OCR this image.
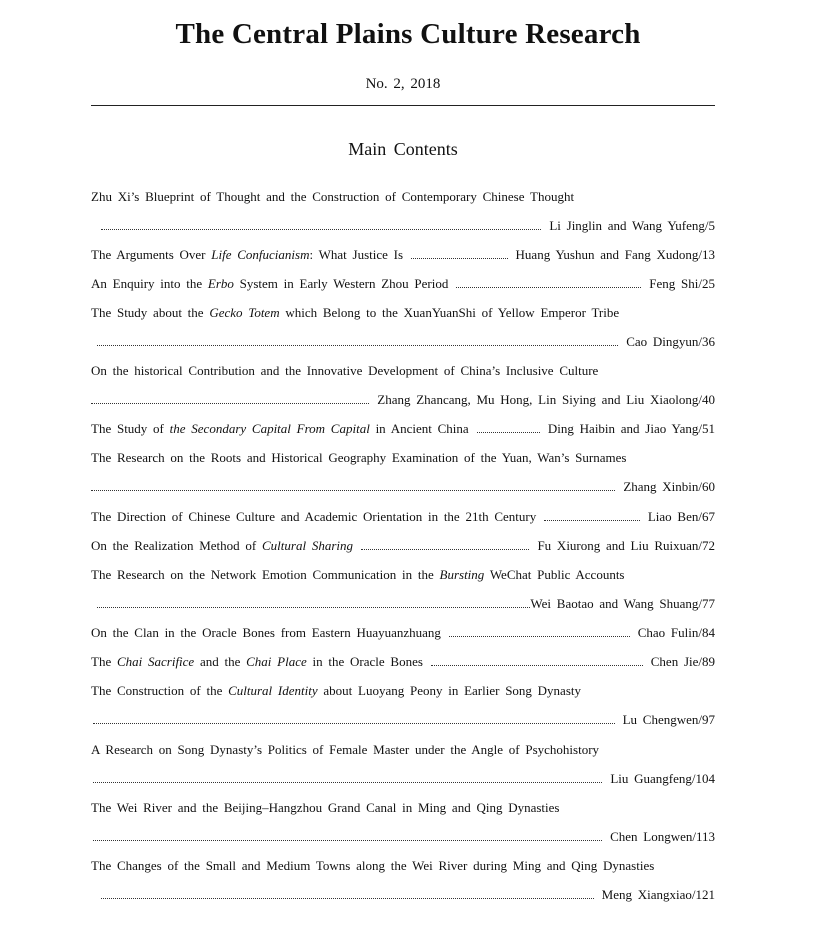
The Central Plains Culture Research
No. 2, 2018
Main Contents
Zhu Xi’s Blueprint of Thought and the Construction of Contemporary Chinese Thought
Li Jinglin and Wang Yufeng/5
The Arguments Over Life Confucianism: What Justice Is	Huang Yushun and Fang Xudong/13
An Enquiry into the Erbo System in Early Western Zhou Period	Feng Shi/25
The Study about the Gecko Totem which Belong to the XuanYuanShi of Yellow Emperor Tribe
Cao Dingyun/36
On the historical Contribution and the Innovative Development of China’s Inclusive Culture
Zhang Zhancang, Mu Hong, Lin Siying and Liu Xiaolong/40
The Study of the Secondary Capital From Capital in Ancient China	Ding Haibin and Jiao Yang/51
The Research on the Roots and Historical Geography Examination of the Yuan, Wan’s Surnames
Zhang Xinbin/60
The Direction of Chinese Culture and Academic Orientation in the 21th Century	Liao Ben/67
On the Realization Method of Cultural Sharing	Fu Xiurong and Liu Ruixuan/72
The Research on the Network Emotion Communication in the Bursting WeChat Public Accounts
Wei Baotao and Wang Shuang/77
On the Clan in the Oracle Bones from Eastern Huayuanzhuang	Chao Fulin/84
The Chai Sacrifice and the Chai Place in the Oracle Bones	Chen Jie/89
The Construction of the Cultural Identity about Luoyang Peony in Earlier Song Dynasty
Lu Chengwen/97
A Research on Song Dynasty’s Politics of Female Master under the Angle of Psychohistory
Liu Guangfeng/104
The Wei River and the Beijing–Hangzhou Grand Canal in Ming and Qing Dynasties
Chen Longwen/113
The Changes of the Small and Medium Towns along the Wei River during Ming and Qing Dynasties
Meng Xiangxiao/121
